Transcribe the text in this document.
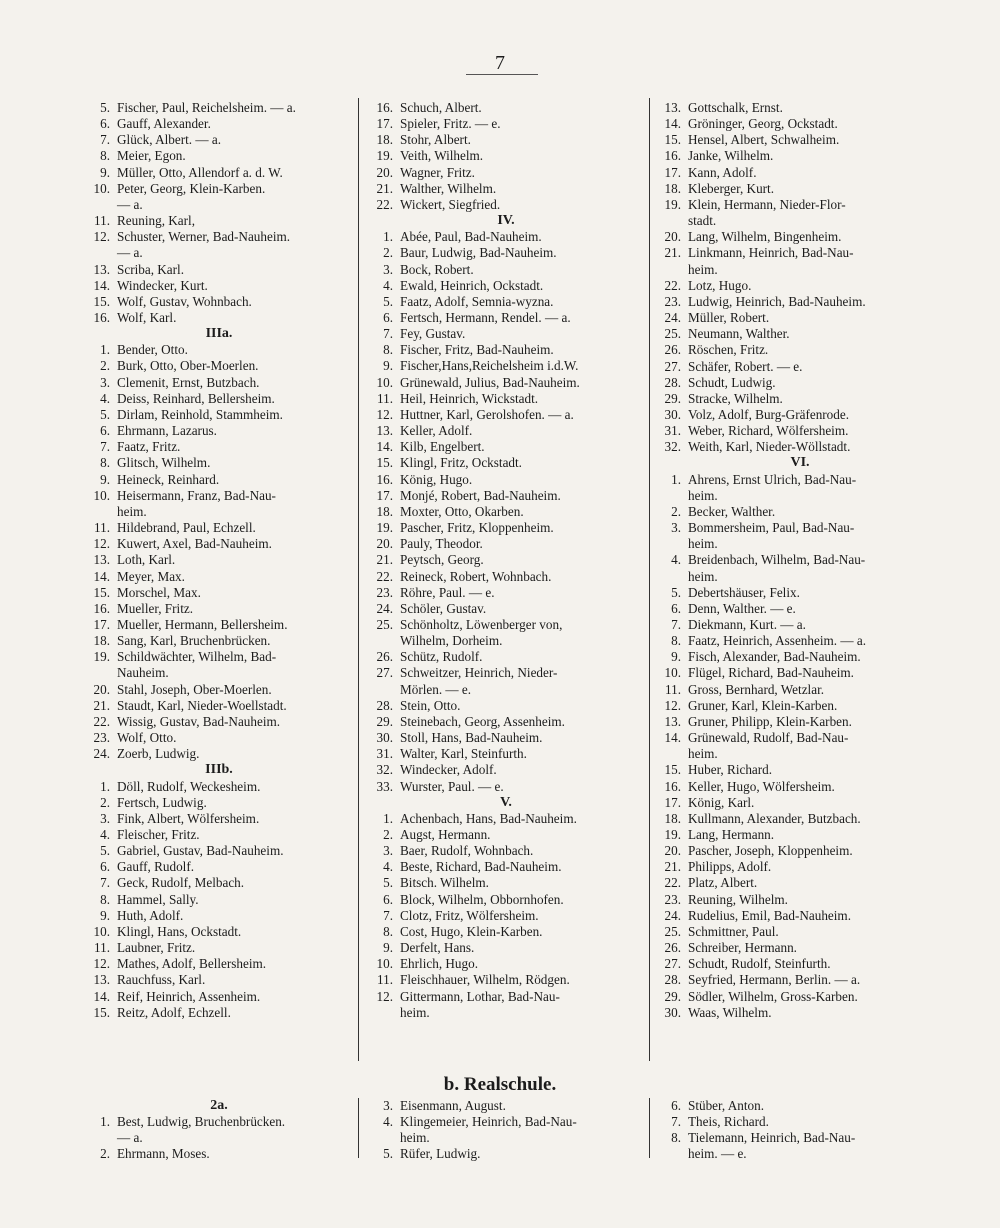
7
5. Fischer, Paul, Reichelsheim. — a.
6. Gauff, Alexander.
7. Glück, Albert. — a.
8. Meier, Egon.
9. Müller, Otto, Allendorf a. d. W.
10. Peter, Georg, Klein-Karben.
— a.
11. Reuning, Karl,
12. Schuster, Werner, Bad-Nauheim.
— a.
13. Scriba, Karl.
14. Windecker, Kurt.
15. Wolf, Gustav, Wohnbach.
16. Wolf, Karl.
IIIa.
1. Bender, Otto.
2. Burk, Otto, Ober-Moerlen.
3. Clemenit, Ernst, Butzbach.
4. Deiss, Reinhard, Bellersheim.
5. Dirlam, Reinhold, Stammheim.
6. Ehrmann, Lazarus.
7. Faatz, Fritz.
8. Glitsch, Wilhelm.
9. Heineck, Reinhard.
10. Heisermann, Franz, Bad-Nau-
heim.
11. Hildebrand, Paul, Echzell.
12. Kuwert, Axel, Bad-Nauheim.
13. Loth, Karl.
14. Meyer, Max.
15. Morschel, Max.
16. Mueller, Fritz.
17. Mueller, Hermann, Bellersheim.
18. Sang, Karl, Bruchenbrücken.
19. Schildwächter, Wilhelm, Bad-
Nauheim.
20. Stahl, Joseph, Ober-Moerlen.
21. Staudt, Karl, Nieder-Woellstadt.
22. Wissig, Gustav, Bad-Nauheim.
23. Wolf, Otto.
24. Zoerb, Ludwig.
IIIb.
1. Döll, Rudolf, Weckesheim.
2. Fertsch, Ludwig.
3. Fink, Albert, Wölfersheim.
4. Fleischer, Fritz.
5. Gabriel, Gustav, Bad-Nauheim.
6. Gauff, Rudolf.
7. Geck, Rudolf, Melbach.
8. Hammel, Sally.
9. Huth, Adolf.
10. Klingl, Hans, Ockstadt.
11. Laubner, Fritz.
12. Mathes, Adolf, Bellersheim.
13. Rauchfuss, Karl.
14. Reif, Heinrich, Assenheim.
15. Reitz, Adolf, Echzell.
16. Schuch, Albert.
17. Spieler, Fritz. — e.
18. Stohr, Albert.
19. Veith, Wilhelm.
20. Wagner, Fritz.
21. Walther, Wilhelm.
22. Wickert, Siegfried.
IV.
1. Abée, Paul, Bad-Nauheim.
2. Baur, Ludwig, Bad-Nauheim.
3. Bock, Robert.
4. Ewald, Heinrich, Ockstadt.
5. Faatz, Adolf, Semnia-wyzna.
6. Fertsch, Hermann, Rendel. — a.
7. Fey, Gustav.
8. Fischer, Fritz, Bad-Nauheim.
9. Fischer,Hans,Reichelsheim i.d.W.
10. Grünewald, Julius, Bad-Nauheim.
11. Heil, Heinrich, Wickstadt.
12. Huttner, Karl, Gerolshofen. — a.
13. Keller, Adolf.
14. Kilb, Engelbert.
15. Klingl, Fritz, Ockstadt.
16. König, Hugo.
17. Monjé, Robert, Bad-Nauheim.
18. Moxter, Otto, Okarben.
19. Pascher, Fritz, Kloppenheim.
20. Pauly, Theodor.
21. Peytsch, Georg.
22. Reineck, Robert, Wohnbach.
23. Röhre, Paul. — e.
24. Schöler, Gustav.
25. Schönholtz, Löwenberger von,
Wilhelm, Dorheim.
26. Schütz, Rudolf.
27. Schweitzer, Heinrich, Nieder-
Mörlen. — e.
28. Stein, Otto.
29. Steinebach, Georg, Assenheim.
30. Stoll, Hans, Bad-Nauheim.
31. Walter, Karl, Steinfurth.
32. Windecker, Adolf.
33. Wurster, Paul. — e.
V.
1. Achenbach, Hans, Bad-Nauheim.
2. Augst, Hermann.
3. Baer, Rudolf, Wohnbach.
4. Beste, Richard, Bad-Nauheim.
5. Bitsch. Wilhelm.
6. Block, Wilhelm, Obbornhofen.
7. Clotz, Fritz, Wölfersheim.
8. Cost, Hugo, Klein-Karben.
9. Derfelt, Hans.
10. Ehrlich, Hugo.
11. Fleischhauer, Wilhelm, Rödgen.
12. Gittermann, Lothar, Bad-Nau-
heim.
13. Gottschalk, Ernst.
14. Gröninger, Georg, Ockstadt.
15. Hensel, Albert, Schwalheim.
16. Janke, Wilhelm.
17. Kann, Adolf.
18. Kleberger, Kurt.
19. Klein, Hermann, Nieder-Flor-
stadt.
20. Lang, Wilhelm, Bingenheim.
21. Linkmann, Heinrich, Bad-Nau-
heim.
22. Lotz, Hugo.
23. Ludwig, Heinrich, Bad-Nauheim.
24. Müller, Robert.
25. Neumann, Walther.
26. Röschen, Fritz.
27. Schäfer, Robert. — e.
28. Schudt, Ludwig.
29. Stracke, Wilhelm.
30. Volz, Adolf, Burg-Gräfenrode.
31. Weber, Richard, Wölfersheim.
32. Weith, Karl, Nieder-Wöllstadt.
VI.
1. Ahrens, Ernst Ulrich, Bad-Nau-
heim.
2. Becker, Walther.
3. Bommersheim, Paul, Bad-Nau-
heim.
4. Breidenbach, Wilhelm, Bad-Nau-
heim.
5. Debertshäuser, Felix.
6. Denn, Walther. — e.
7. Diekmann, Kurt. — a.
8. Faatz, Heinrich, Assenheim. — a.
9. Fisch, Alexander, Bad-Nauheim.
10. Flügel, Richard, Bad-Nauheim.
11. Gross, Bernhard, Wetzlar.
12. Gruner, Karl, Klein-Karben.
13. Gruner, Philipp, Klein-Karben.
14. Grünewald, Rudolf, Bad-Nau-
heim.
15. Huber, Richard.
16. Keller, Hugo, Wölfersheim.
17. König, Karl.
18. Kullmann, Alexander, Butzbach.
19. Lang, Hermann.
20. Pascher, Joseph, Kloppenheim.
21. Philipps, Adolf.
22. Platz, Albert.
23. Reuning, Wilhelm.
24. Rudelius, Emil, Bad-Nauheim.
25. Schmittner, Paul.
26. Schreiber, Hermann.
27. Schudt, Rudolf, Steinfurth.
28. Seyfried, Hermann, Berlin. — a.
29. Södler, Wilhelm, Gross-Karben.
30. Waas, Wilhelm.
b. Realschule.
2a.
1. Best, Ludwig, Bruchenbrücken.
— a.
2. Ehrmann, Moses.
3. Eisenmann, August.
4. Klingemeier, Heinrich, Bad-Nau-
heim.
5. Rüfer, Ludwig.
6. Stüber, Anton.
7. Theis, Richard.
8. Tielemann, Heinrich, Bad-Nau-
heim. — e.
